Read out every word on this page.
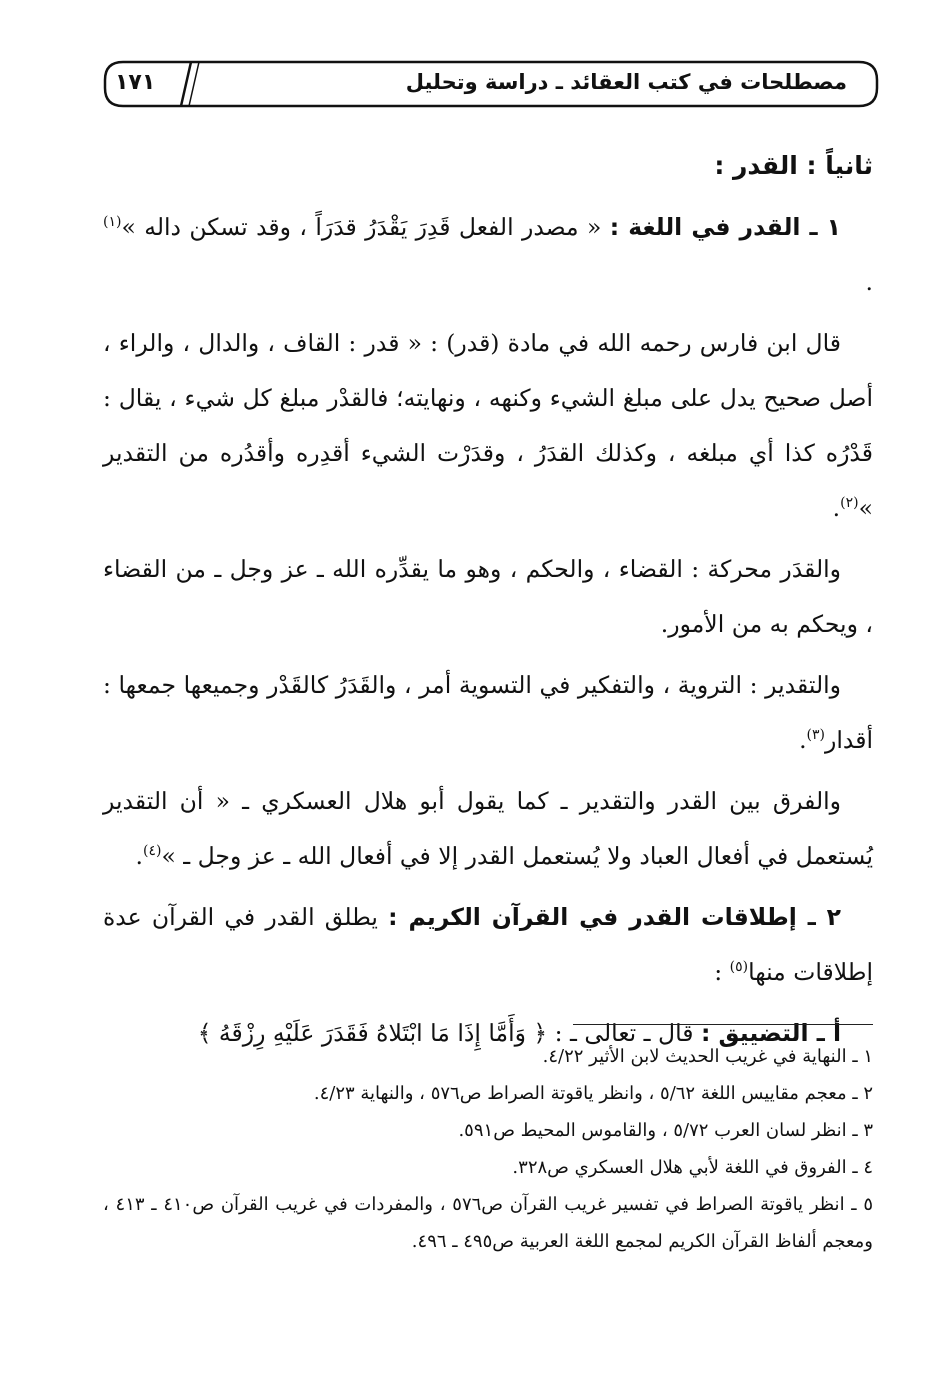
١٧١	مصطلحات في كتب العقائد ـ دراسة وتحليل

ثانياً : القدر :

١ ـ القدر في اللغة : « مصدر الفعل قَدِرَ يَقْدَرُ قدَرَاً ، وقد تسكن داله »$^{(١)}$ .

قال ابن فارس رحمه الله في مادة (قدر) : « قدر : القاف ، والدال ، والراء ، أصل صحيح يدل على مبلغ الشيء وكنهه ، ونهايته؛ فالقدْر مبلغ كل شيء ، يقال : قَدْرُه كذا أي مبلغه ، وكذلك القدَرُ ، وقدَرْت الشيء أقدِره وأقدُره من التقدير »$^{(٢)}$.

والقدَر محركة : القضاء ، والحكم ، وهو ما يقدِّره الله ـ عز وجل ـ من القضاء ، ويحكم به من الأمور.

والتقدير : التروية ، والتفكير في التسوية أمر ، والقَدَرُ كالقَدْر وجميعها جمعها : أقدار$^{(٣)}$.

والفرق بين القدر والتقدير ـ كما يقول أبو هلال العسكري ـ « أن التقدير يُستعمل في أفعال العباد ولا يُستعمل القدر إلا في أفعال الله ـ عز وجل ـ »$^{(٤)}$.

٢ ـ إطلاقات القدر في القرآن الكريم : يطلق القدر في القرآن عدة إطلاقات منها$^{(٥)}$ :

أ ـ التضييق : قال ـ تعالى ـ : ﴿ وَأَمَّا إِذَا مَا ابْتَلاهُ فَقَدَرَ عَلَيْهِ رِزْقَهُ ﴾

١ ـ النهاية في غريب الحديث لابن الأثير ٤/٢٢.
٢ ـ معجم مقاييس اللغة ٥/٦٢ ، وانظر ياقوتة الصراط ص٥٧٦ ، والنهاية ٤/٢٣.
٣ ـ انظر لسان العرب ٥/٧٢ ، والقاموس المحيط ص٥٩١.
٤ ـ الفروق في اللغة لأبي هلال العسكري ص٣٢٨.
٥ ـ انظر ياقوتة الصراط في تفسير غريب القرآن ص٥٧٦ ، والمفردات في غريب القرآن ص٤١٠ ـ ٤١٣ ، ومعجم ألفاظ القرآن الكريم لمجمع اللغة العربية ص٤٩٥ ـ ٤٩٦.
